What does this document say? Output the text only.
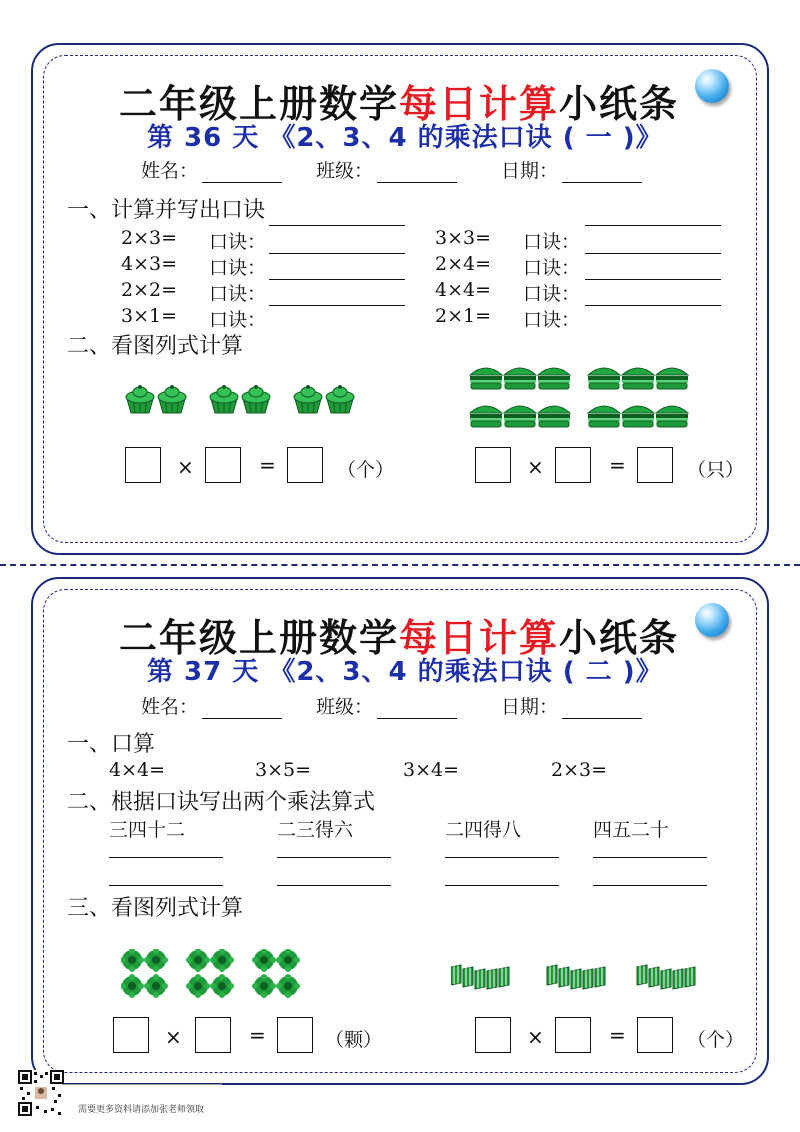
二年级上册数学每日计算小纸条
第 36 天 《2、3、4 的乘法口诀 ( 一 )》
姓名：	班级：	日期：
一、计算并写出口诀
2×3= 口诀：	3×3= 口诀：
4×3= 口诀：	2×4= 口诀：
2×2= 口诀：	4×4= 口诀：
3×1= 口诀：	2×1= 口诀：
二、看图列式计算
×	=	（个）	×	=	（只）
二年级上册数学每日计算小纸条
第 37 天 《2、3、4 的乘法口诀 ( 二 )》
姓名：	班级：	日期：
一、口算
4×4=	3×5=	3×4=	2×3=
二、根据口诀写出两个乘法算式
三四十二	二三得六	二四得八	四五二十
三、看图列式计算
×	=	（颗）	×	=	（个）
需要更多资料请添加张老师领取
